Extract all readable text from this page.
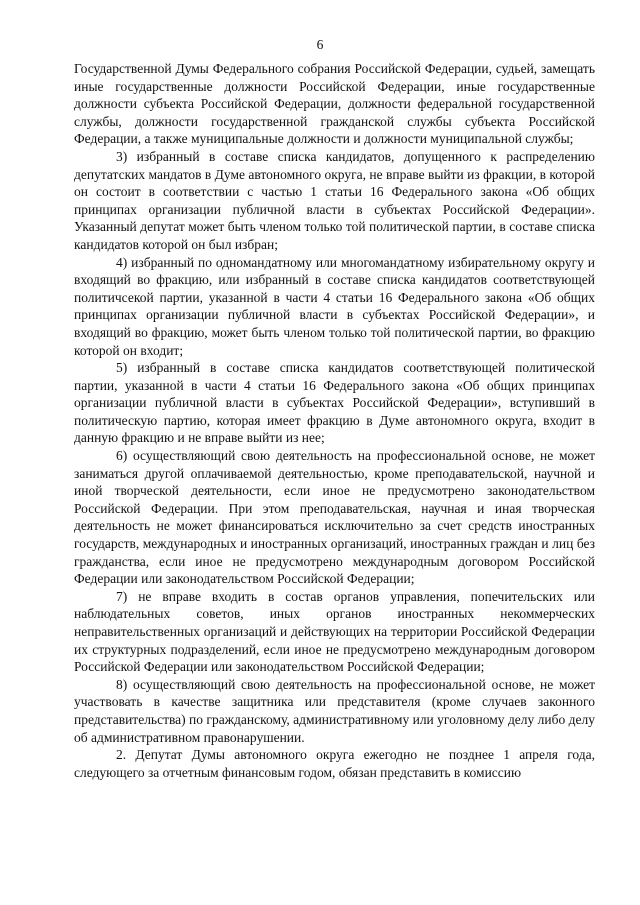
6

Государственной Думы Федерального собрания Российской Федерации, судьей, замещать иные государственные должности Российской Федерации, иные государственные должности субъекта Российской Федерации, должности федеральной государственной службы, должности государственной гражданской службы субъекта Российской Федерации, а также муниципальные должности и должности муниципальной службы;

3) избранный в составе списка кандидатов, допущенного к распределению депутатских мандатов в Думе автономного округа, не вправе выйти из фракции, в которой он состоит в соответствии с частью 1 статьи 16 Федерального закона «Об общих принципах организации публичной власти в субъектах Российской Федерации». Указанный депутат может быть членом только той политической партии, в составе списка кандидатов которой он был избран;

4) избранный по одномандатному или многомандатному избирательному округу и входящий во фракцию, или избранный в составе списка кандидатов соответствующей политичсекой партии, указанной в части 4 статьи 16 Федерального закона «Об общих принципах организации публичной власти в субъектах Российской Федерации», и входящий во фракцию, может быть членом только той политической партии, во фракцию которой он входит;

5) избранный в составе списка кандидатов соответствующей политической партии, указанной в части 4 статьи 16 Федерального закона «Об общих принципах организации публичной власти в субъектах Российской Федерации», вступивший в политическую партию, которая имеет фракцию в Думе автономного округа, входит в данную фракцию и не вправе выйти из нее;

6) осуществляющий свою деятельность на профессиональной основе, не может заниматься другой оплачиваемой деятельностью, кроме преподавательской, научной и иной творческой деятельности, если иное не предусмотрено законодательством Российской Федерации. При этом преподавательская, научная и иная творческая деятельность не может финансироваться исключительно за счет средств иностранных государств, международных и иностранных организаций, иностранных граждан и лиц без гражданства, если иное не предусмотрено международным договором Российской Федерации или законодательством Российской Федерации;

7) не вправе входить в состав органов управления, попечительских или наблюдательных советов, иных органов иностранных некоммерческих неправительственных организаций и действующих на территории Российской Федерации их структурных подразделений, если иное не предусмотрено международным договором Российской Федерации или законодательством Российской Федерации;

8) осуществляющий свою деятельность на профессиональной основе, не может участвовать в качестве защитника или представителя (кроме случаев законного представительства) по гражданскому, административному или уголовному делу либо делу об административном правонарушении.

2. Депутат Думы автономного округа ежегодно не позднее 1 апреля года, следующего за отчетным финансовым годом, обязан представить в комиссию
